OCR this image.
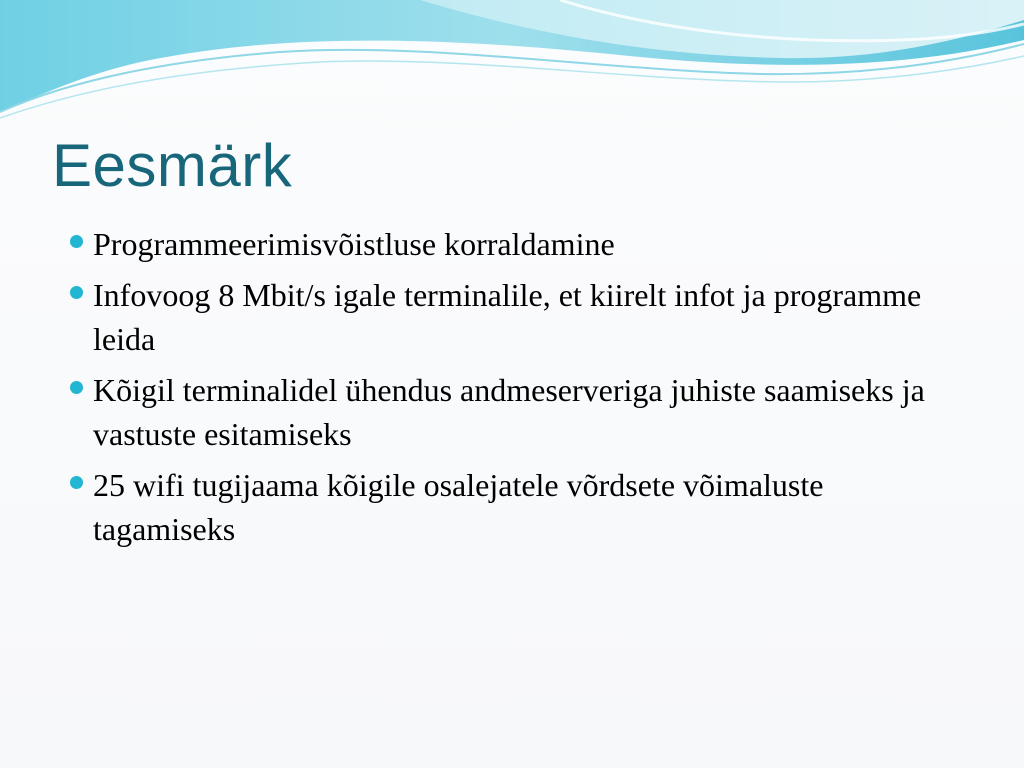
Eesmärk
Programmeerimisvõistluse korraldamine
Infovoog 8 Mbit/s igale terminalile, et kiirelt infot ja programme leida
Kõigil terminalidel ühendus andmeserveriga juhiste saamiseks ja vastuste esitamiseks
25 wifi tugijaama kõigile osalejatele võrdsete võimaluste tagamiseks
